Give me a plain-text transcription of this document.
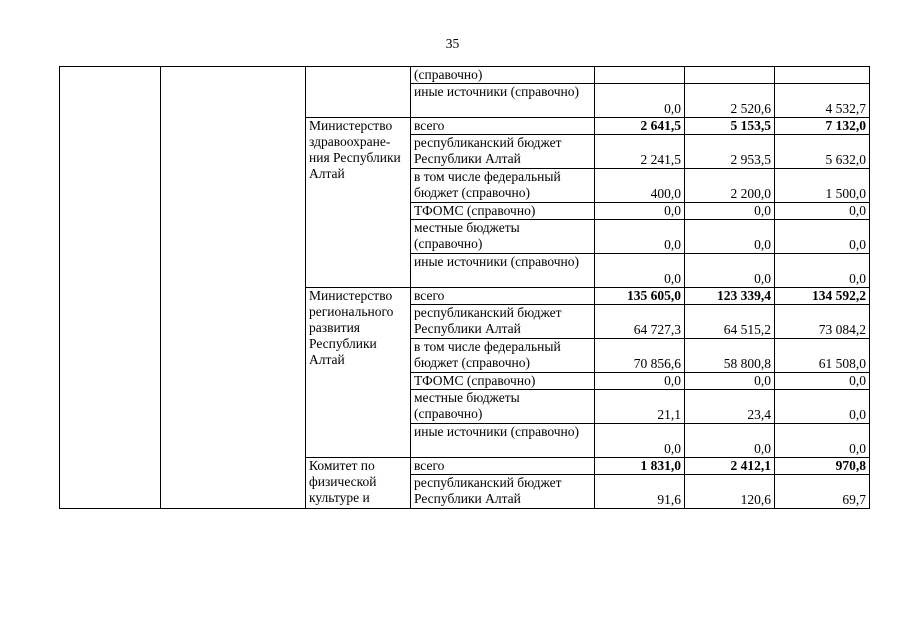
35
			(справочно)			
			иные источники (справочно)	0,0	2 520,6	4 532,7
		Министерство здравоохране-ния Республики Алтай	всего	2 641,5	5 153,5	7 132,0
			республиканский бюджет Республики Алтай	2 241,5	2 953,5	5 632,0
			в том числе федеральный бюджет (справочно)	400,0	2 200,0	1 500,0
			ТФОМС (справочно)	0,0	0,0	0,0
			местные бюджеты (справочно)	0,0	0,0	0,0
			иные источники (справочно)	0,0	0,0	0,0
		Министерство регионального развития Республики Алтай	всего	135 605,0	123 339,4	134 592,2
			республиканский бюджет Республики Алтай	64 727,3	64 515,2	73 084,2
			в том числе федеральный бюджет (справочно)	70 856,6	58 800,8	61 508,0
			ТФОМС (справочно)	0,0	0,0	0,0
			местные бюджеты (справочно)	21,1	23,4	0,0
			иные источники (справочно)	0,0	0,0	0,0
		Комитет по физической культуре и	всего	1 831,0	2 412,1	970,8
			республиканский бюджет Республики Алтай	91,6	120,6	69,7
